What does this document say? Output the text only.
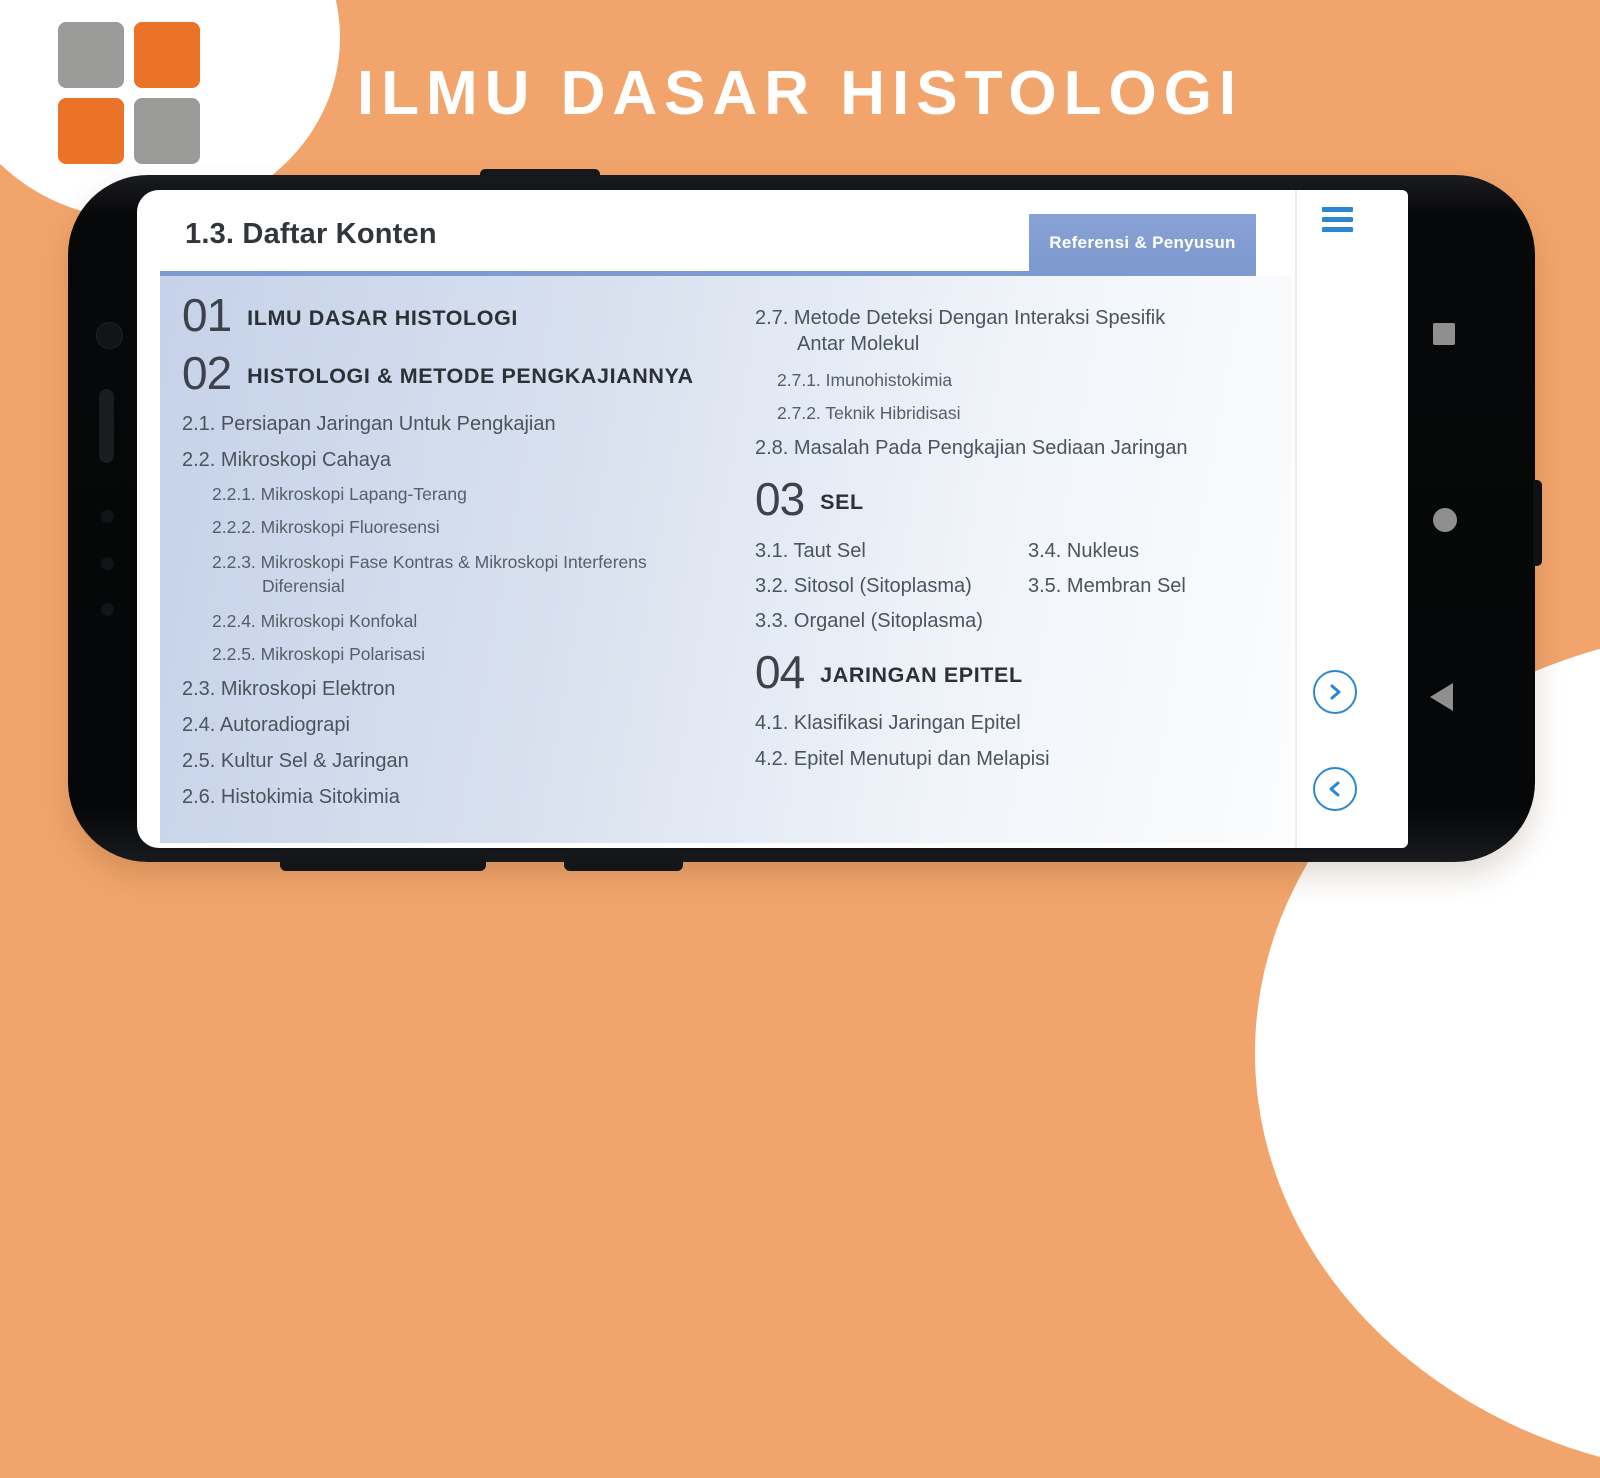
ILMU DASAR HISTOLOGI
1.3. Daftar Konten	Referensi & Penyusun
01 ILMU DASAR HISTOLOGI
02 HISTOLOGI & METODE PENGKAJIANNYA
2.1. Persiapan Jaringan Untuk Pengkajian
2.2. Mikroskopi Cahaya
2.2.1. Mikroskopi Lapang-Terang
2.2.2. Mikroskopi Fluoresensi
2.2.3. Mikroskopi Fase Kontras & Mikroskopi Interferens Diferensial
2.2.4. Mikroskopi Konfokal
2.2.5. Mikroskopi Polarisasi
2.3. Mikroskopi Elektron
2.4. Autoradiograpi
2.5. Kultur Sel & Jaringan
2.6. Histokimia Sitokimia
2.7. Metode Deteksi Dengan Interaksi Spesifik Antar Molekul
2.7.1. Imunohistokimia
2.7.2. Teknik Hibridisasi
2.8. Masalah Pada Pengkajian Sediaan Jaringan
03 SEL
3.1. Taut Sel	3.4. Nukleus
3.2. Sitosol (Sitoplasma)	3.5. Membran Sel
3.3. Organel (Sitoplasma)
04 JARINGAN EPITEL
4.1. Klasifikasi Jaringan Epitel
4.2. Epitel Menutupi dan Melapisi
